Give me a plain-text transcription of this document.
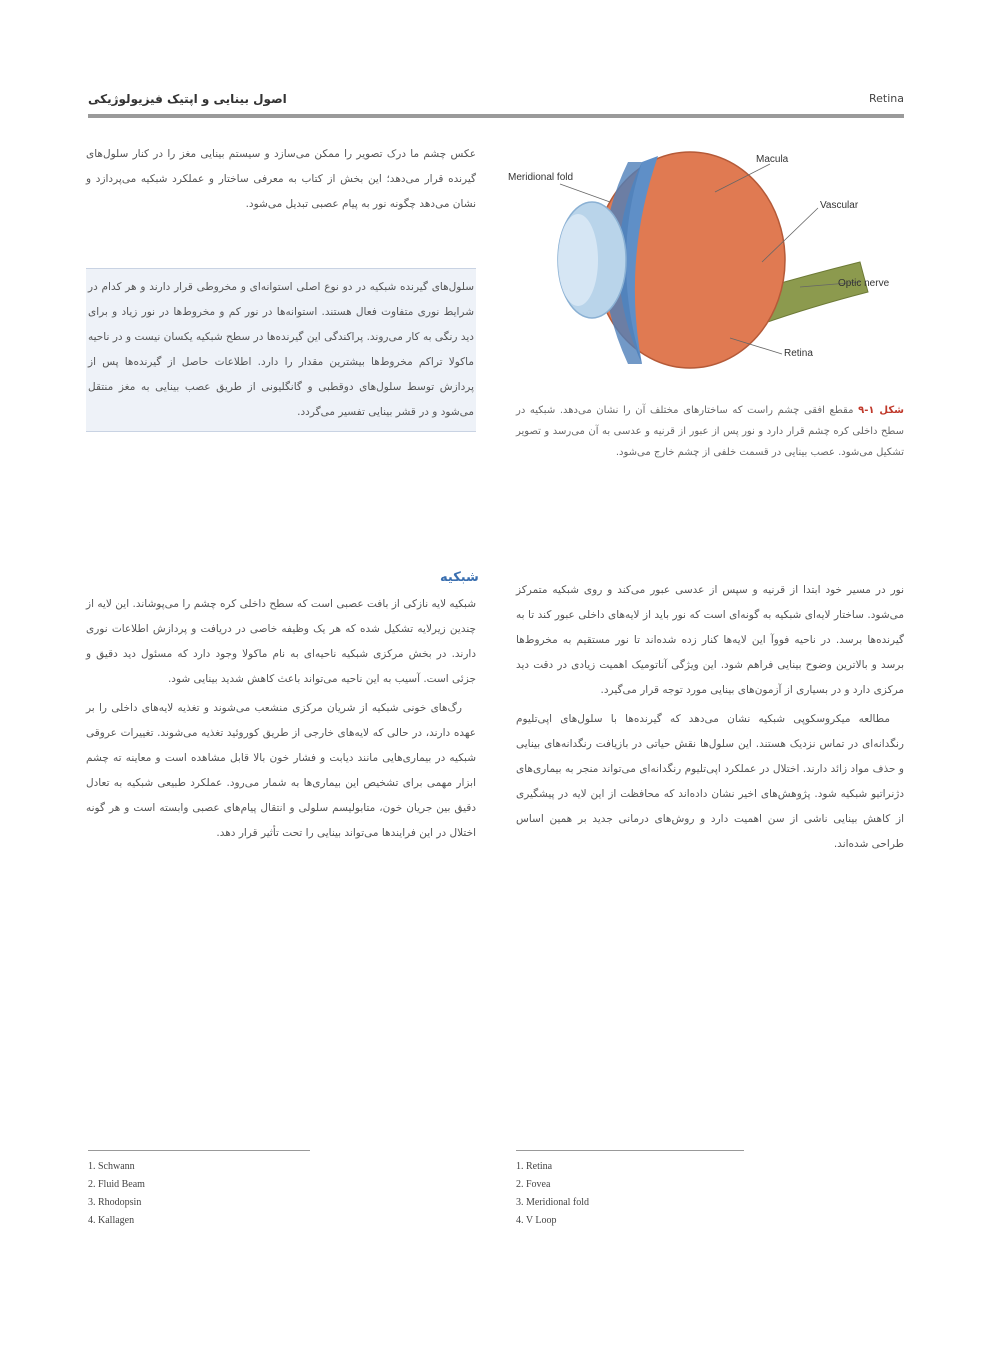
اصول بینایی و اپتیک فیزیولوژیکی	Retina

عکس چشم ما درک تصویر را ممکن می‌سازد و سیستم بینایی مغز را در کنار سلول‌های گیرنده قرار می‌دهد؛ این بخش از کتاب به معرفی ساختار و عملکرد شبکیه می‌پردازد و نشان می‌دهد چگونه نور به پیام عصبی تبدیل می‌شود.

سلول‌های گیرنده شبکیه در دو نوع اصلی استوانه‌ای و مخروطی قرار دارند و هر کدام در شرایط نوری متفاوت فعال هستند. استوانه‌ها در نور کم و مخروط‌ها در نور زیاد و برای دید رنگی به کار می‌روند. پراکندگی این گیرنده‌ها در سطح شبکیه یکسان نیست و در ناحیه ماکولا تراکم مخروط‌ها بیشترین مقدار را دارد. اطلاعات حاصل از گیرنده‌ها پس از پردازش توسط سلول‌های دوقطبی و گانگلیونی از طریق عصب بینایی به مغز منتقل می‌شود و در قشر بینایی تفسیر می‌گردد.

شبکیه

شبکیه لایه نازکی از بافت عصبی است که سطح داخلی کره چشم را می‌پوشاند. این لایه از چندین زیرلایه تشکیل شده که هر یک وظیفه خاصی در دریافت و پردازش اطلاعات نوری دارند. در بخش مرکزی شبکیه ناحیه‌ای به نام ماکولا وجود دارد که مسئول دید دقیق و جزئی است. آسیب به این ناحیه می‌تواند باعث کاهش شدید بینایی شود.

رگ‌های خونی شبکیه از شریان مرکزی منشعب می‌شوند و تغذیه لایه‌های داخلی را بر عهده دارند، در حالی که لایه‌های خارجی از طریق کوروئید تغذیه می‌شوند. تغییرات عروقی شبکیه در بیماری‌هایی مانند دیابت و فشار خون بالا قابل مشاهده است و معاینه ته چشم ابزار مهمی برای تشخیص این بیماری‌ها به شمار می‌رود. عملکرد طبیعی شبکیه به تعادل دقیق بین جریان خون، متابولیسم سلولی و انتقال پیام‌های عصبی وابسته است و هر گونه اختلال در این فرایندها می‌تواند بینایی را تحت تأثیر قرار دهد.

Meridional fold
Macula
Vascular
Optic nerve
Retina
شکل ۱-۹ مقطع افقی چشم راست که ساختارهای مختلف آن را نشان می‌دهد. شبکیه در سطح داخلی کره چشم قرار دارد و نور پس از عبور از قرنیه و عدسی به آن می‌رسد و تصویر تشکیل می‌شود. عصب بینایی در قسمت خلفی از چشم خارج می‌شود.

نور در مسیر خود ابتدا از قرنیه و سپس از عدسی عبور می‌کند و روی شبکیه متمرکز می‌شود. ساختار لایه‌ای شبکیه به گونه‌ای است که نور باید از لایه‌های داخلی عبور کند تا به گیرنده‌ها برسد. در ناحیه فووآ این لایه‌ها کنار زده شده‌اند تا نور مستقیم به مخروط‌ها برسد و بالاترین وضوح بینایی فراهم شود. این ویژگی آناتومیک اهمیت زیادی در دقت دید مرکزی دارد و در بسیاری از آزمون‌های بینایی مورد توجه قرار می‌گیرد.

مطالعه میکروسکوپی شبکیه نشان می‌دهد که گیرنده‌ها با سلول‌های اپی‌تلیوم رنگدانه‌ای در تماس نزدیک هستند. این سلول‌ها نقش حیاتی در بازیافت رنگدانه‌های بینایی و حذف مواد زائد دارند. اختلال در عملکرد اپی‌تلیوم رنگدانه‌ای می‌تواند منجر به بیماری‌های دژنراتیو شبکیه شود. پژوهش‌های اخیر نشان داده‌اند که محافظت از این لایه در پیشگیری از کاهش بینایی ناشی از سن اهمیت دارد و روش‌های درمانی جدید بر همین اساس طراحی شده‌اند.

1. Schwann
2. Fluid Beam
3. Rhodopsin
4. Kallagen
1. Retina
2. Fovea
3. Meridional fold
4. V Loop
